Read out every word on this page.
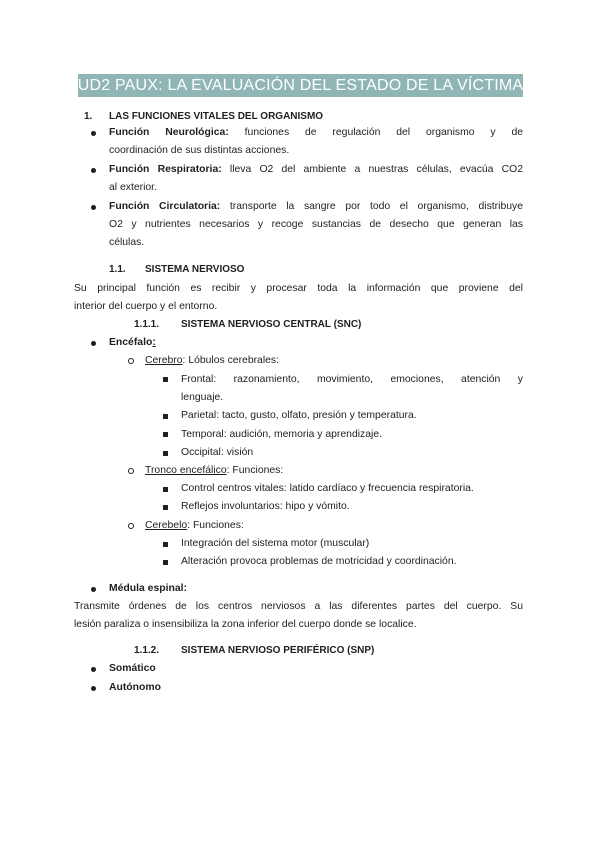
UD2 PAUX: LA EVALUACIÓN DEL ESTADO DE LA VÍCTIMA
1. LAS FUNCIONES VITALES DEL ORGANISMO
Función Neurológica: funciones de regulación del organismo y de
coordinación de sus distintas acciones.
Función Respiratoria: lleva O2 del ambiente a nuestras células, evacúa CO2
al exterior.
Función Circulatoria: transporte la sangre por todo el organismo, distribuye
O2 y nutrientes necesarios y recoge sustancias de desecho que generan las
células.
1.1. SISTEMA NERVIOSO
Su principal función es recibir y procesar toda la información que proviene del
interior del cuerpo y el entorno.
1.1.1. SISTEMA NERVIOSO CENTRAL (SNC)
Encéfalo:
Cerebro: Lóbulos cerebrales:
Frontal: razonamiento, movimiento, emociones, atención y
lenguaje.
Parietal: tacto, gusto, olfato, presión y temperatura.
Temporal: audición, memoria y aprendizaje.
Occipital: visión
Tronco encefálico: Funciones:
Control centros vitales: latido cardíaco y frecuencia respiratoria.
Reflejos involuntarios: hipo y vómito.
Cerebelo: Funciones:
Integración del sistema motor (muscular)
Alteración provoca problemas de motricidad y coordinación.
Médula espinal:
Transmite órdenes de los centros nerviosos a las diferentes partes del cuerpo. Su
lesión paraliza o insensibiliza la zona inferior del cuerpo donde se localice.
1.1.2. SISTEMA NERVIOSO PERIFÉRICO (SNP)
Somático
Autónomo
